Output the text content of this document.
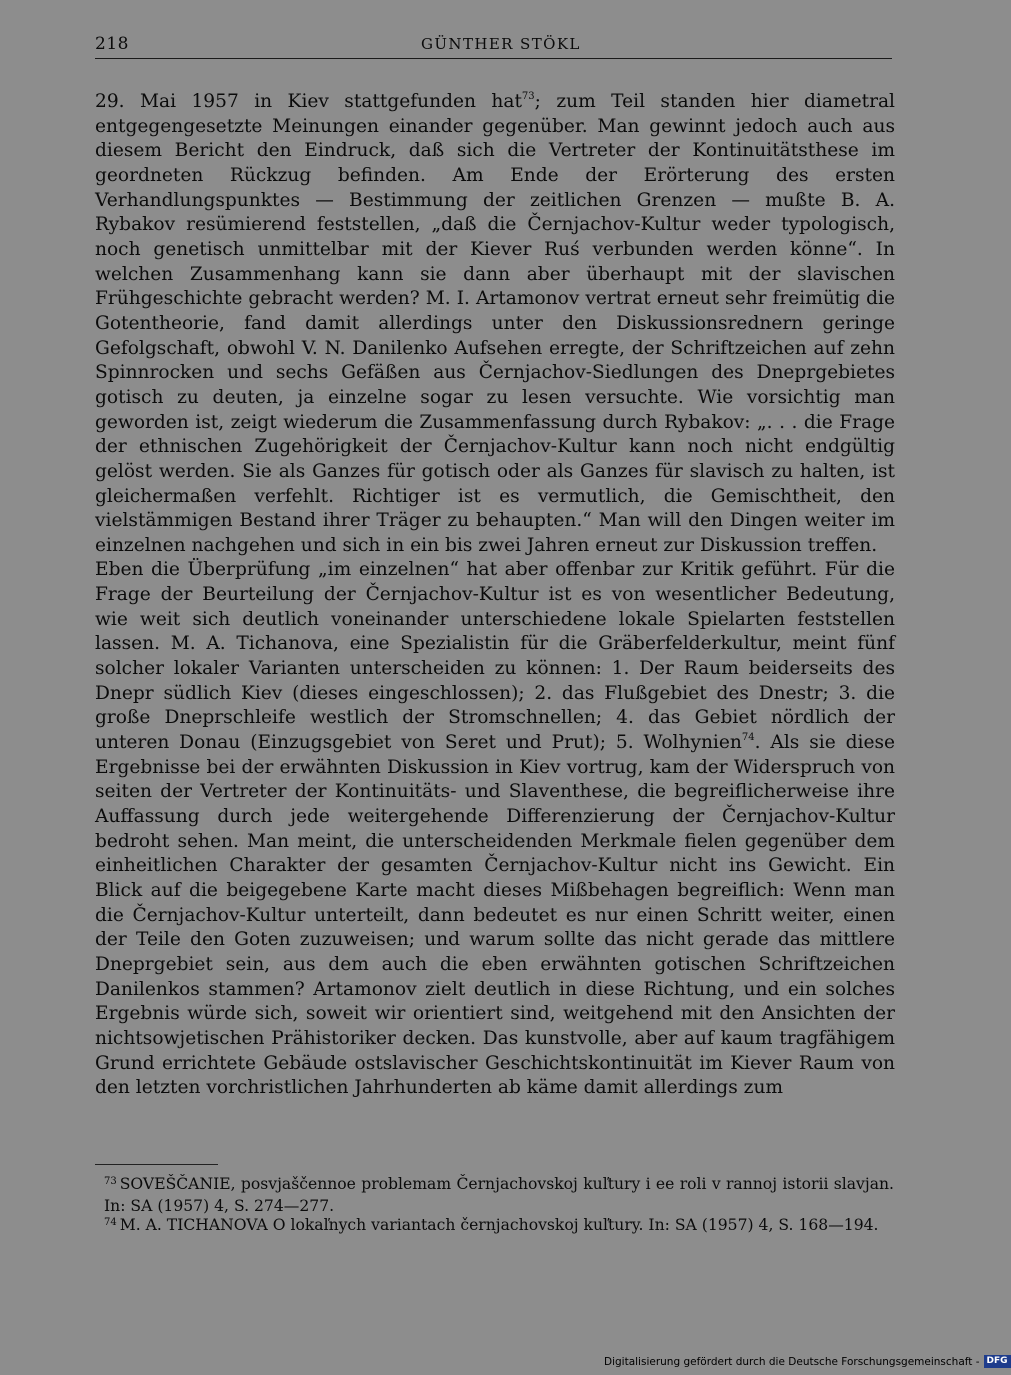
218	GÜNTHER STÖKL

29. Mai 1957 in Kiev stattgefunden hat$^{73}$; zum Teil standen hier diametral entgegengesetzte Meinungen einander gegenüber. Man gewinnt jedoch auch aus diesem Bericht den Eindruck, daß sich die Vertreter der Kontinuitätsthese im geordneten Rückzug befinden. Am Ende der Erörterung des ersten Verhandlungspunktes — Bestimmung der zeitlichen Grenzen — mußte B. A. Rybakov resümierend feststellen, „daß die Černjachov-Kultur weder typologisch, noch genetisch unmittelbar mit der Kiever Ruś verbunden werden könne“. In welchen Zusammenhang kann sie dann aber überhaupt mit der slavischen Frühgeschichte gebracht werden? M. I. Artamonov vertrat erneut sehr freimütig die Gotentheorie, fand damit allerdings unter den Diskussionsrednern geringe Gefolgschaft, obwohl V. N. Danilenko Aufsehen erregte, der Schriftzeichen auf zehn Spinnrocken und sechs Gefäßen aus Černjachov-Siedlungen des Dneprgebietes gotisch zu deuten, ja einzelne sogar zu lesen versuchte. Wie vorsichtig man geworden ist, zeigt wiederum die Zusammenfassung durch Rybakov: „. . . die Frage der ethnischen Zugehörigkeit der Černjachov-Kultur kann noch nicht endgültig gelöst werden. Sie als Ganzes für gotisch oder als Ganzes für slavisch zu halten, ist gleichermaßen verfehlt. Richtiger ist es vermutlich, die Gemischtheit, den vielstämmigen Bestand ihrer Träger zu behaupten.“ Man will den Dingen weiter im einzelnen nachgehen und sich in ein bis zwei Jahren erneut zur Diskussion treffen.

Eben die Überprüfung „im einzelnen“ hat aber offenbar zur Kritik geführt. Für die Frage der Beurteilung der Černjachov-Kultur ist es von wesentlicher Bedeutung, wie weit sich deutlich voneinander unterschiedene lokale Spielarten feststellen lassen. M. A. Tichanova, eine Spezialistin für die Gräberfelderkultur, meint fünf solcher lokaler Varianten unterscheiden zu können: 1. Der Raum beiderseits des Dnepr südlich Kiev (dieses eingeschlossen); 2. das Flußgebiet des Dnestr; 3. die große Dneprschleife westlich der Stromschnellen; 4. das Gebiet nördlich der unteren Donau (Einzugsgebiet von Seret und Prut); 5. Wolhynien$^{74}$. Als sie diese Ergebnisse bei der erwähnten Diskussion in Kiev vortrug, kam der Widerspruch von seiten der Vertreter der Kontinuitäts- und Slaventhese, die begreiflicherweise ihre Auffassung durch jede weitergehende Differenzierung der Černjachov-Kultur bedroht sehen. Man meint, die unterscheidenden Merkmale fielen gegenüber dem einheitlichen Charakter der gesamten Černjachov-Kultur nicht ins Gewicht. Ein Blick auf die beigegebene Karte macht dieses Mißbehagen begreiflich: Wenn man die Černjachov-Kultur unterteilt, dann bedeutet es nur einen Schritt weiter, einen der Teile den Goten zuzuweisen; und warum sollte das nicht gerade das mittlere Dneprgebiet sein, aus dem auch die eben erwähnten gotischen Schriftzeichen Danilenkos stammen? Artamonov zielt deutlich in diese Richtung, und ein solches Ergebnis würde sich, soweit wir orientiert sind, weitgehend mit den Ansichten der nichtsowjetischen Prähistoriker decken. Das kunstvolle, aber auf kaum tragfähigem Grund errichtete Gebäude ostslavischer Geschichtskontinuität im Kiever Raum von den letzten vorchristlichen Jahrhunderten ab käme damit allerdings zum

$^{73}$ SOVEŠČANIE, posvjaščennoe problemam Černjachovskoj kuľtury i ee roli v rannoj istorii slavjan. In: SA (1957) 4, S. 274—277.

$^{74}$ M. A. TICHANOVA O lokaľnych variantach černjachovskoj kuľtury. In: SA (1957) 4, S. 168—194.

Digitalisierung gefördert durch die Deutsche Forschungsgemeinschaft - DFG
